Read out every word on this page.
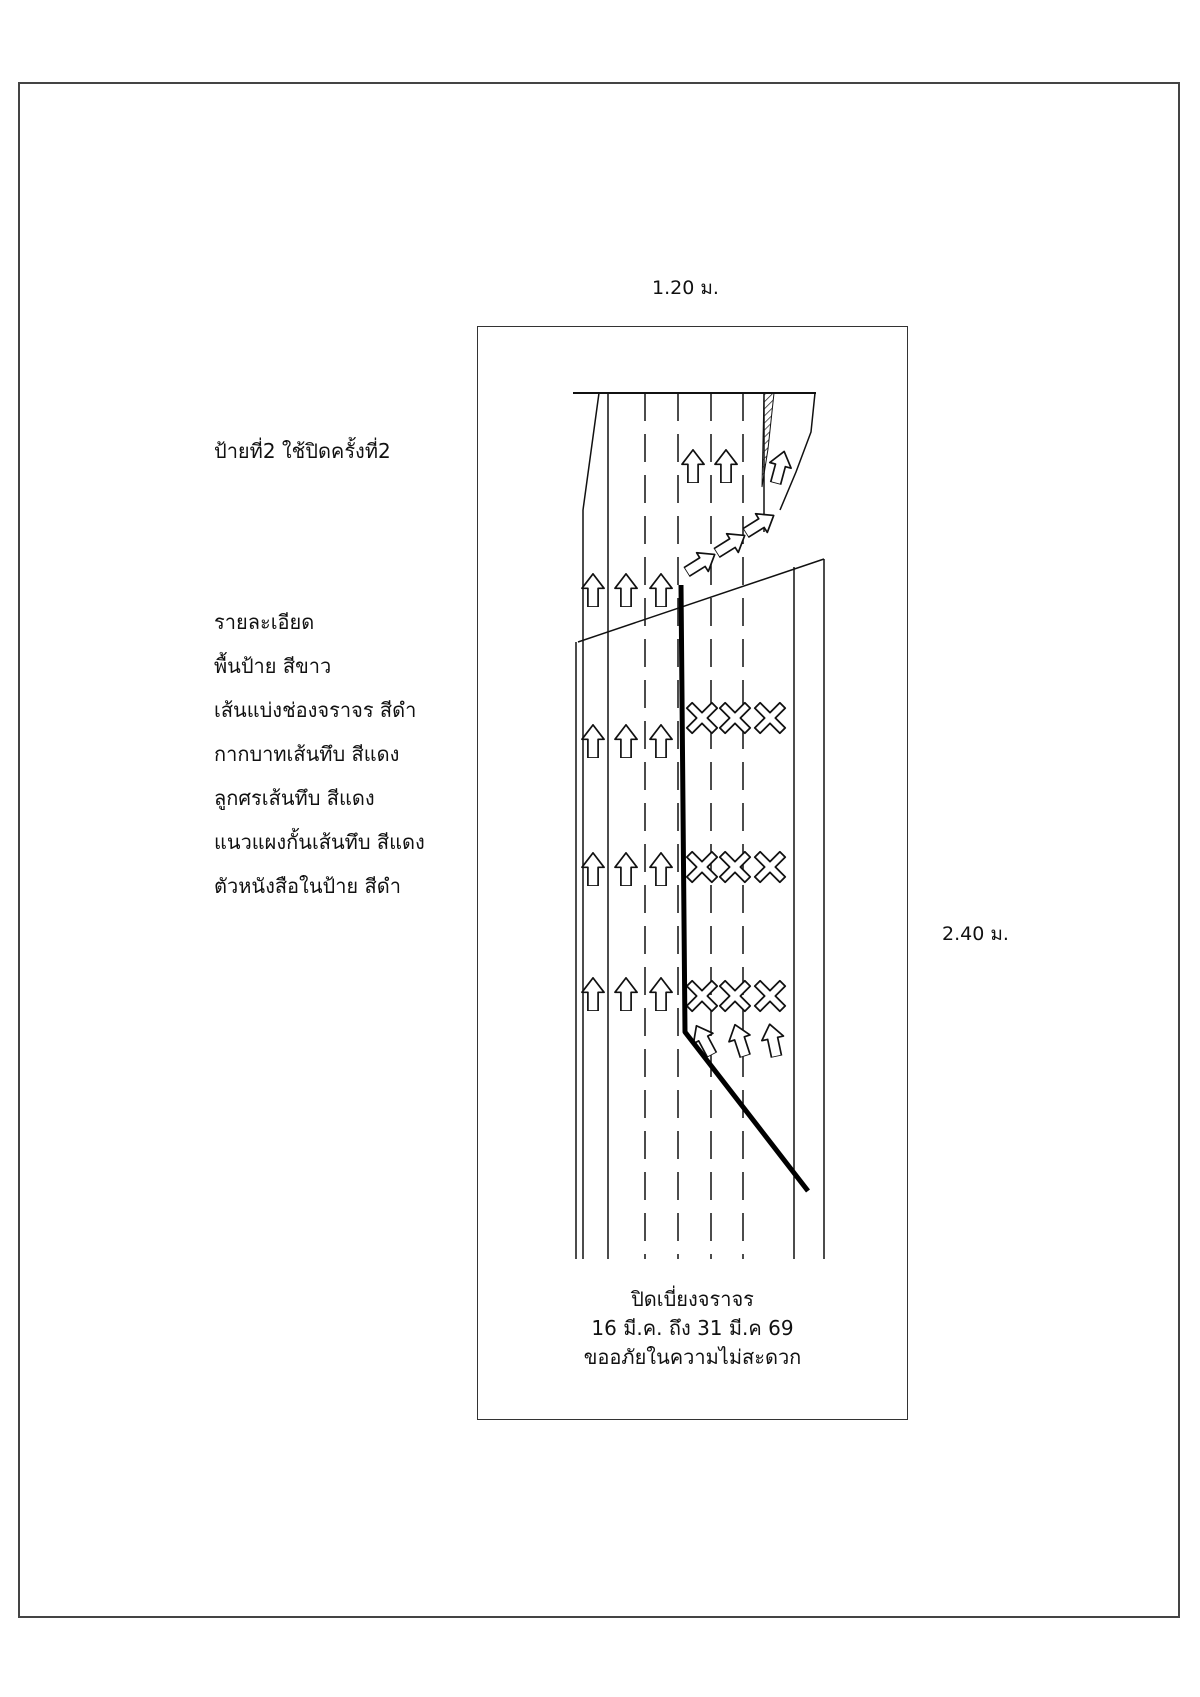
1.20 ม.
2.40 ม.
ป้ายที่2 ใช้ปิดครั้งที่2
รายละเอียด
พื้นป้าย สีขาว
เส้นแบ่งช่องจราจร สีดำ
กากบาทเส้นทึบ สีแดง
ลูกศรเส้นทึบ สีแดง
แนวแผงกั้นเส้นทึบ สีแดง
ตัวหนังสือในป้าย สีดำ
ปิดเบี่ยงจราจร
16 มี.ค. ถึง 31 มี.ค 69
ขออภัยในความไม่สะดวก
